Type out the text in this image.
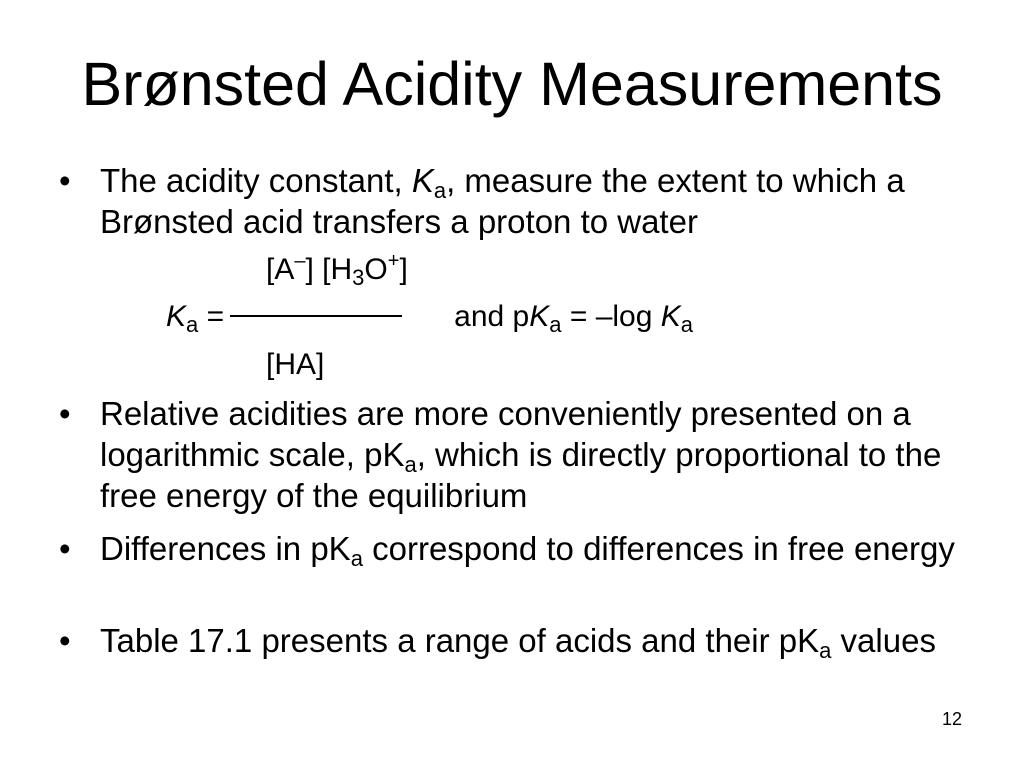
Brønsted Acidity Measurements
• The acidity constant, $K_a$, measure the extent to which a Brønsted acid transfers a proton to water
[A–] $[H_3O^+]$
$K_a$ =	and $pK_a = -\log$ $K_a$
[HA]
• Relative acidities are more conveniently presented on a logarithmic scale, $pK_a$, which is directly proportional to the free energy of the equilibrium
• Differences in $pK_a$ correspond to differences in free energy
• Table 17.1 presents a range of acids and their $pK_a$ values
12
